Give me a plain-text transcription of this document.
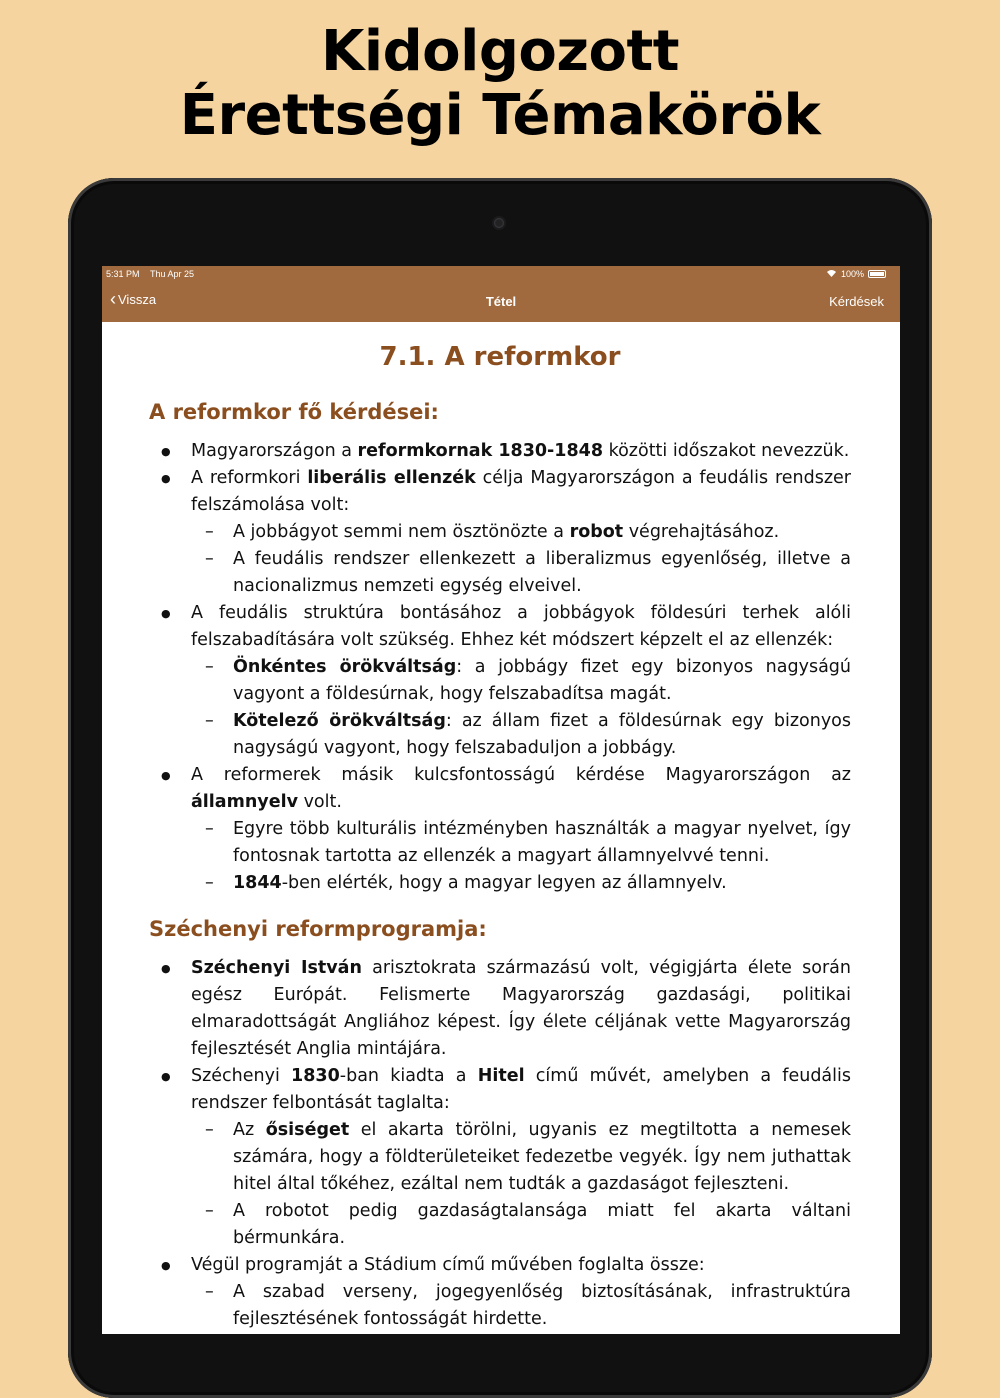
Kidolgozott
Érettségi Témakörök
5:31 PM Thu Apr 25	100%
‹ Vissza	Tétel	Kérdések
7.1. A reformkor
A reformkor fő kérdései:
● Magyarországon a reformkornak 1830-1848 közötti időszakot nevezzük.
● A reformkori liberális ellenzék célja Magyarországon a feudális rendszer felszámolása volt:
– A jobbágyot semmi nem ösztönözte a robot végrehajtásához.
– A feudális rendszer ellenkezett a liberalizmus egyenlőség, illetve a nacionalizmus nemzeti egység elveivel.
● A feudális struktúra bontásához a jobbágyok földesúri terhek alóli felszabadítására volt szükség. Ehhez két módszert képzelt el az ellenzék:
– Önkéntes örökváltság: a jobbágy fizet egy bizonyos nagyságú vagyont a földesúrnak, hogy felszabadítsa magát.
– Kötelező örökváltság: az állam fizet a földesúrnak egy bizonyos nagyságú vagyont, hogy felszabaduljon a jobbágy.
● A reformerek másik kulcsfontosságú kérdése Magyarországon az államnyelv volt.
– Egyre több kulturális intézményben használták a magyar nyelvet, így fontosnak tartotta az ellenzék a magyart államnyelvvé tenni.
– 1844-ben elérték, hogy a magyar legyen az államnyelv.
Széchenyi reformprogramja:
● Széchenyi István arisztokrata származású volt, végigjárta élete során egész Európát. Felismerte Magyarország gazdasági, politikai elmaradottságát Angliához képest. Így élete céljának vette Magyarország fejlesztését Anglia mintájára.
● Széchenyi 1830-ban kiadta a Hitel című művét, amelyben a feudális rendszer felbontását taglalta:
– Az ősiséget el akarta törölni, ugyanis ez megtiltotta a nemesek számára, hogy a földterületeiket fedezetbe vegyék. Így nem juthattak hitel által tőkéhez, ezáltal nem tudták a gazdaságot fejleszteni.
– A robotot pedig gazdaságtalansága miatt fel akarta váltani bérmunkára.
● Végül programját a Stádium című művében foglalta össze:
– A szabad verseny, jogegyenlőség biztosításának, infrastruktúra fejlesztésének fontosságát hirdette.
